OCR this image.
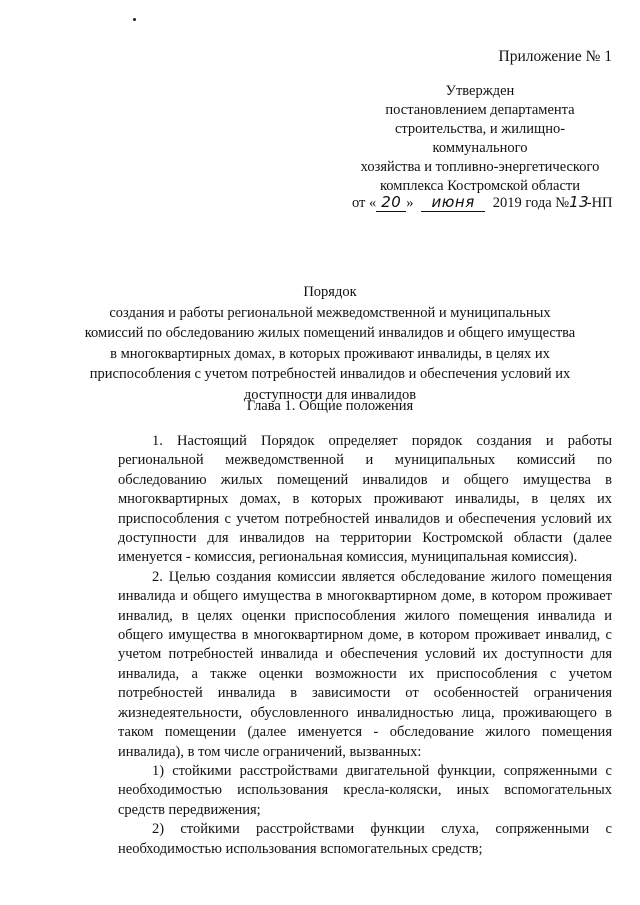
Приложение № 1
Утвержден
постановлением департамента
строительства, и жилищно-
коммунального
хозяйства и топливно-энергетического
комплекса Костромской области
от « 20 » июня 2019 года №13 -НП
Порядок
создания и работы региональной межведомственной и муниципальных
комиссий по обследованию жилых помещений инвалидов и общего имущества
в многоквартирных домах, в которых проживают инвалиды, в целях их
приспособления с учетом потребностей инвалидов и обеспечения условий их
доступности для инвалидов
Глава 1. Общие положения

1. Настоящий Порядок определяет порядок создания и работы региональной межведомственной и муниципальных комиссий по обследованию жилых помещений инвалидов и общего имущества в многоквартирных домах, в которых проживают инвалиды, в целях их приспособления с учетом потребностей инвалидов и обеспечения условий их доступности для инвалидов на территории Костромской области (далее именуется - комиссия, региональная комиссия, муниципальная комиссия).

2. Целью создания комиссии является обследование жилого помещения инвалида и общего имущества в многоквартирном доме, в котором проживает инвалид, в целях оценки приспособления жилого помещения инвалида и общего имущества в многоквартирном доме, в котором проживает инвалид, с учетом потребностей инвалида и обеспечения условий их доступности для инвалида, а также оценки возможности их приспособления с учетом потребностей инвалида в зависимости от особенностей ограничения жизнедеятельности, обусловленного инвалидностью лица, проживающего в таком помещении (далее именуется - обследование жилого помещения инвалида), в том числе ограничений, вызванных:

1) стойкими расстройствами двигательной функции, сопряженными с необходимостью использования кресла-коляски, иных вспомогательных средств передвижения;

2) стойкими расстройствами функции слуха, сопряженными с необходимостью использования вспомогательных средств;
